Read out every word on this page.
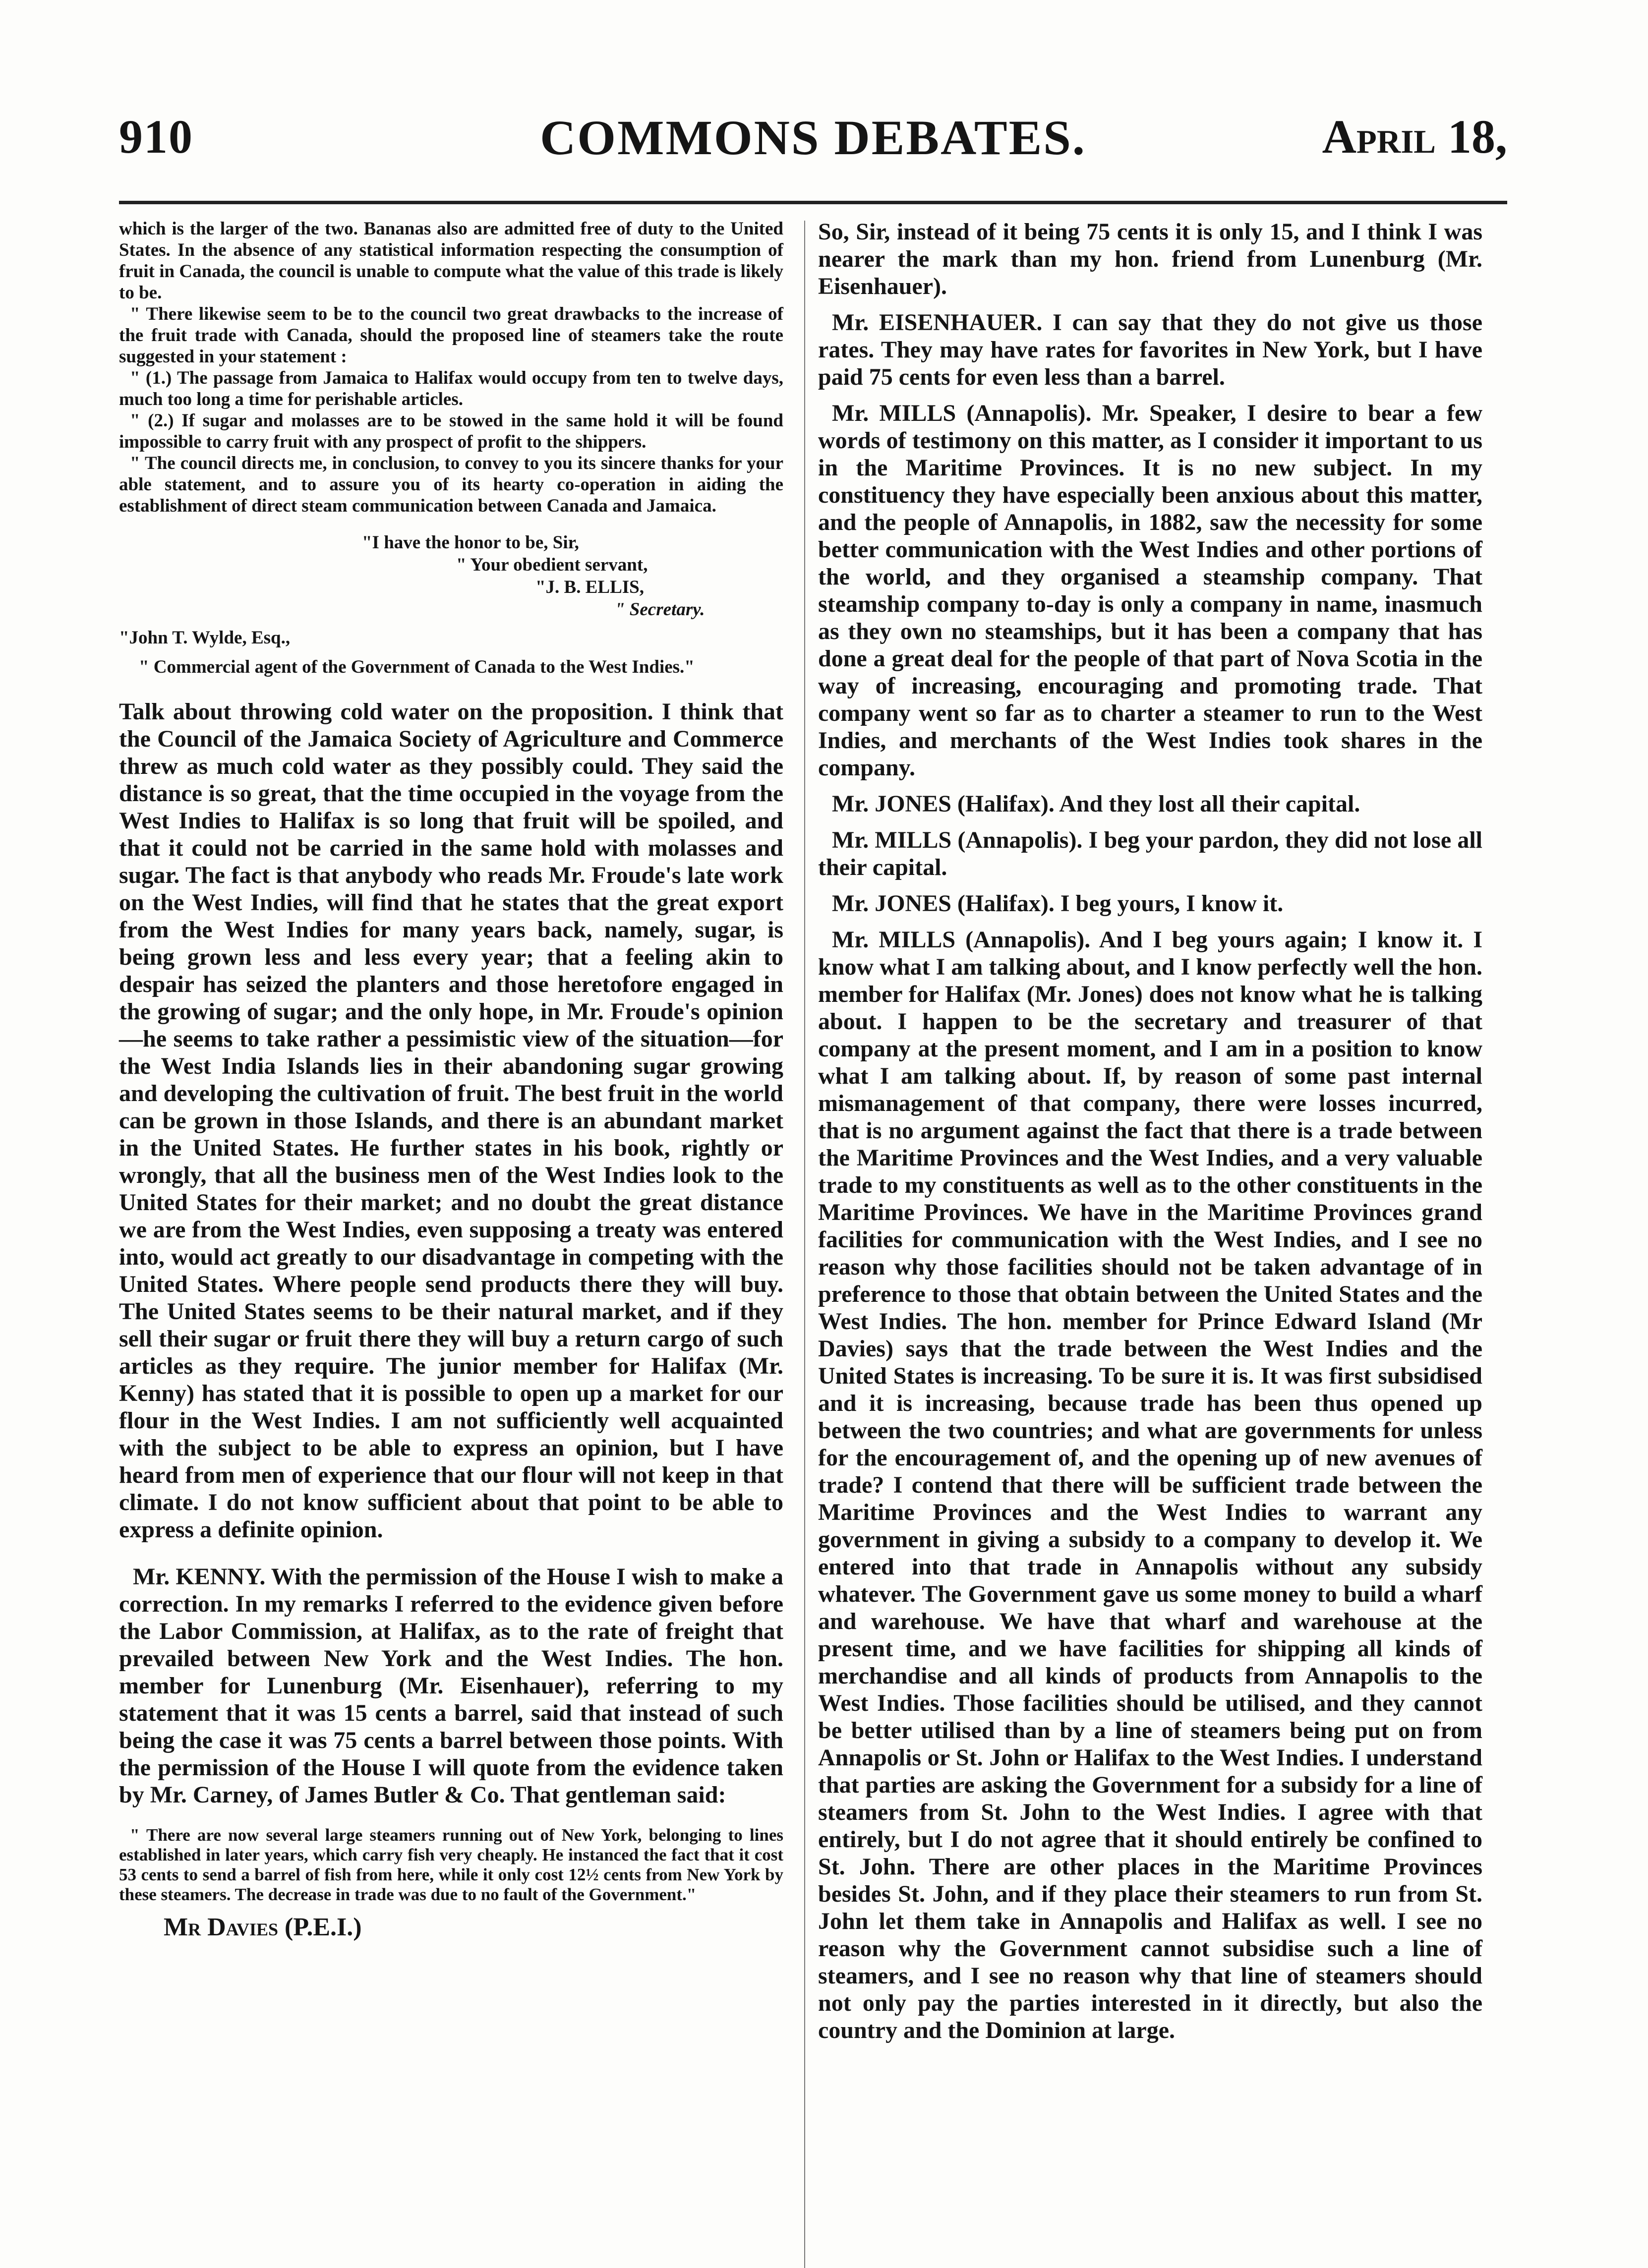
910	COMMONS DEBATES.	April 18,

which is the larger of the two. Bananas also are admitted free of duty to the United States. In the absence of any statistical information respecting the consumption of fruit in Canada, the council is unable to compute what the value of this trade is likely to be.

" There likewise seem to be to the council two great drawbacks to the increase of the fruit trade with Canada, should the proposed line of steamers take the route suggested in your statement :

" (1.) The passage from Jamaica to Halifax would occupy from ten to twelve days, much too long a time for perishable articles.

" (2.) If sugar and molasses are to be stowed in the same hold it will be found impossible to carry fruit with any prospect of profit to the shippers.

" The council directs me, in conclusion, to convey to you its sincere thanks for your able statement, and to assure you of its hearty co-operation in aiding the establishment of direct steam communication between Canada and Jamaica.

"I have the honor to be, Sir,
" Your obedient servant,
"J. B. ELLIS,
" Secretary.
"John T. Wylde, Esq.,
" Commercial agent of the Government of Canada to the West Indies."

Talk about throwing cold water on the proposition. I think that the Council of the Jamaica Society of Agriculture and Commerce threw as much cold water as they possibly could. They said the distance is so great, that the time occupied in the voyage from the West Indies to Halifax is so long that fruit will be spoiled, and that it could not be carried in the same hold with molasses and sugar. The fact is that anybody who reads Mr. Froude's late work on the West Indies, will find that he states that the great export from the West Indies for many years back, namely, sugar, is being grown less and less every year; that a feeling akin to despair has seized the planters and those heretofore engaged in the growing of sugar; and the only hope, in Mr. Froude's opinion—he seems to take rather a pessimistic view of the situation—for the West India Islands lies in their abandoning sugar growing and developing the cultivation of fruit. The best fruit in the world can be grown in those Islands, and there is an abundant market in the United States. He further states in his book, rightly or wrongly, that all the business men of the West Indies look to the United States for their market; and no doubt the great distance we are from the West Indies, even supposing a treaty was entered into, would act greatly to our disadvantage in competing with the United States. Where people send products there they will buy. The United States seems to be their natural market, and if they sell their sugar or fruit there they will buy a return cargo of such articles as they require. The junior member for Halifax (Mr. Kenny) has stated that it is possible to open up a market for our flour in the West Indies. I am not sufficiently well acquainted with the subject to be able to express an opinion, but I have heard from men of experience that our flour will not keep in that climate. I do not know sufficient about that point to be able to express a definite opinion.

Mr. KENNY. With the permission of the House I wish to make a correction. In my remarks I referred to the evidence given before the Labor Commission, at Halifax, as to the rate of freight that prevailed between New York and the West Indies. The hon. member for Lunenburg (Mr. Eisenhauer), referring to my statement that it was 15 cents a barrel, said that instead of such being the case it was 75 cents a barrel between those points. With the permission of the House I will quote from the evidence taken by Mr. Carney, of James Butler & Co. That gentleman said:

" There are now several large steamers running out of New York, belonging to lines established in later years, which carry fish very cheaply. He instanced the fact that it cost 53 cents to send a barrel of fish from here, while it only cost 12½ cents from New York by these steamers. The decrease in trade was due to no fault of the Government."
Mr Davies (P.E.I.)

So, Sir, instead of it being 75 cents it is only 15, and I think I was nearer the mark than my hon. friend from Lunenburg (Mr. Eisenhauer).

Mr. EISENHAUER. I can say that they do not give us those rates. They may have rates for favorites in New York, but I have paid 75 cents for even less than a barrel.

Mr. MILLS (Annapolis). Mr. Speaker, I desire to bear a few words of testimony on this matter, as I consider it important to us in the Maritime Provinces. It is no new subject. In my constituency they have especially been anxious about this matter, and the people of Annapolis, in 1882, saw the necessity for some better communication with the West Indies and other portions of the world, and they organised a steamship company. That steamship company to-day is only a company in name, inasmuch as they own no steamships, but it has been a company that has done a great deal for the people of that part of Nova Scotia in the way of increasing, encouraging and promoting trade. That company went so far as to charter a steamer to run to the West Indies, and merchants of the West Indies took shares in the company.

Mr. JONES (Halifax). And they lost all their capital.

Mr. MILLS (Annapolis). I beg your pardon, they did not lose all their capital.

Mr. JONES (Halifax). I beg yours, I know it.

Mr. MILLS (Annapolis). And I beg yours again; I know it. I know what I am talking about, and I know perfectly well the hon. member for Halifax (Mr. Jones) does not know what he is talking about. I happen to be the secretary and treasurer of that company at the present moment, and I am in a position to know what I am talking about. If, by reason of some past internal mismanagement of that company, there were losses incurred, that is no argument against the fact that there is a trade between the Maritime Provinces and the West Indies, and a very valuable trade to my constituents as well as to the other constituents in the Maritime Provinces. We have in the Maritime Provinces grand facilities for communication with the West Indies, and I see no reason why those facilities should not be taken advantage of in preference to those that obtain between the United States and the West Indies. The hon. member for Prince Edward Island (Mr Davies) says that the trade between the West Indies and the United States is increasing. To be sure it is. It was first subsidised and it is increasing, because trade has been thus opened up between the two countries; and what are governments for unless for the encouragement of, and the opening up of new avenues of trade? I contend that there will be sufficient trade between the Maritime Provinces and the West Indies to warrant any government in giving a subsidy to a company to develop it. We entered into that trade in Annapolis without any subsidy whatever. The Government gave us some money to build a wharf and warehouse. We have that wharf and warehouse at the present time, and we have facilities for shipping all kinds of merchandise and all kinds of products from Annapolis to the West Indies. Those facilities should be utilised, and they cannot be better utilised than by a line of steamers being put on from Annapolis or St. John or Halifax to the West Indies. I understand that parties are asking the Government for a subsidy for a line of steamers from St. John to the West Indies. I agree with that entirely, but I do not agree that it should entirely be confined to St. John. There are other places in the Maritime Provinces besides St. John, and if they place their steamers to run from St. John let them take in Annapolis and Halifax as well. I see no reason why the Government cannot subsidise such a line of steamers, and I see no reason why that line of steamers should not only pay the parties interested in it directly, but also the country and the Dominion at large.
